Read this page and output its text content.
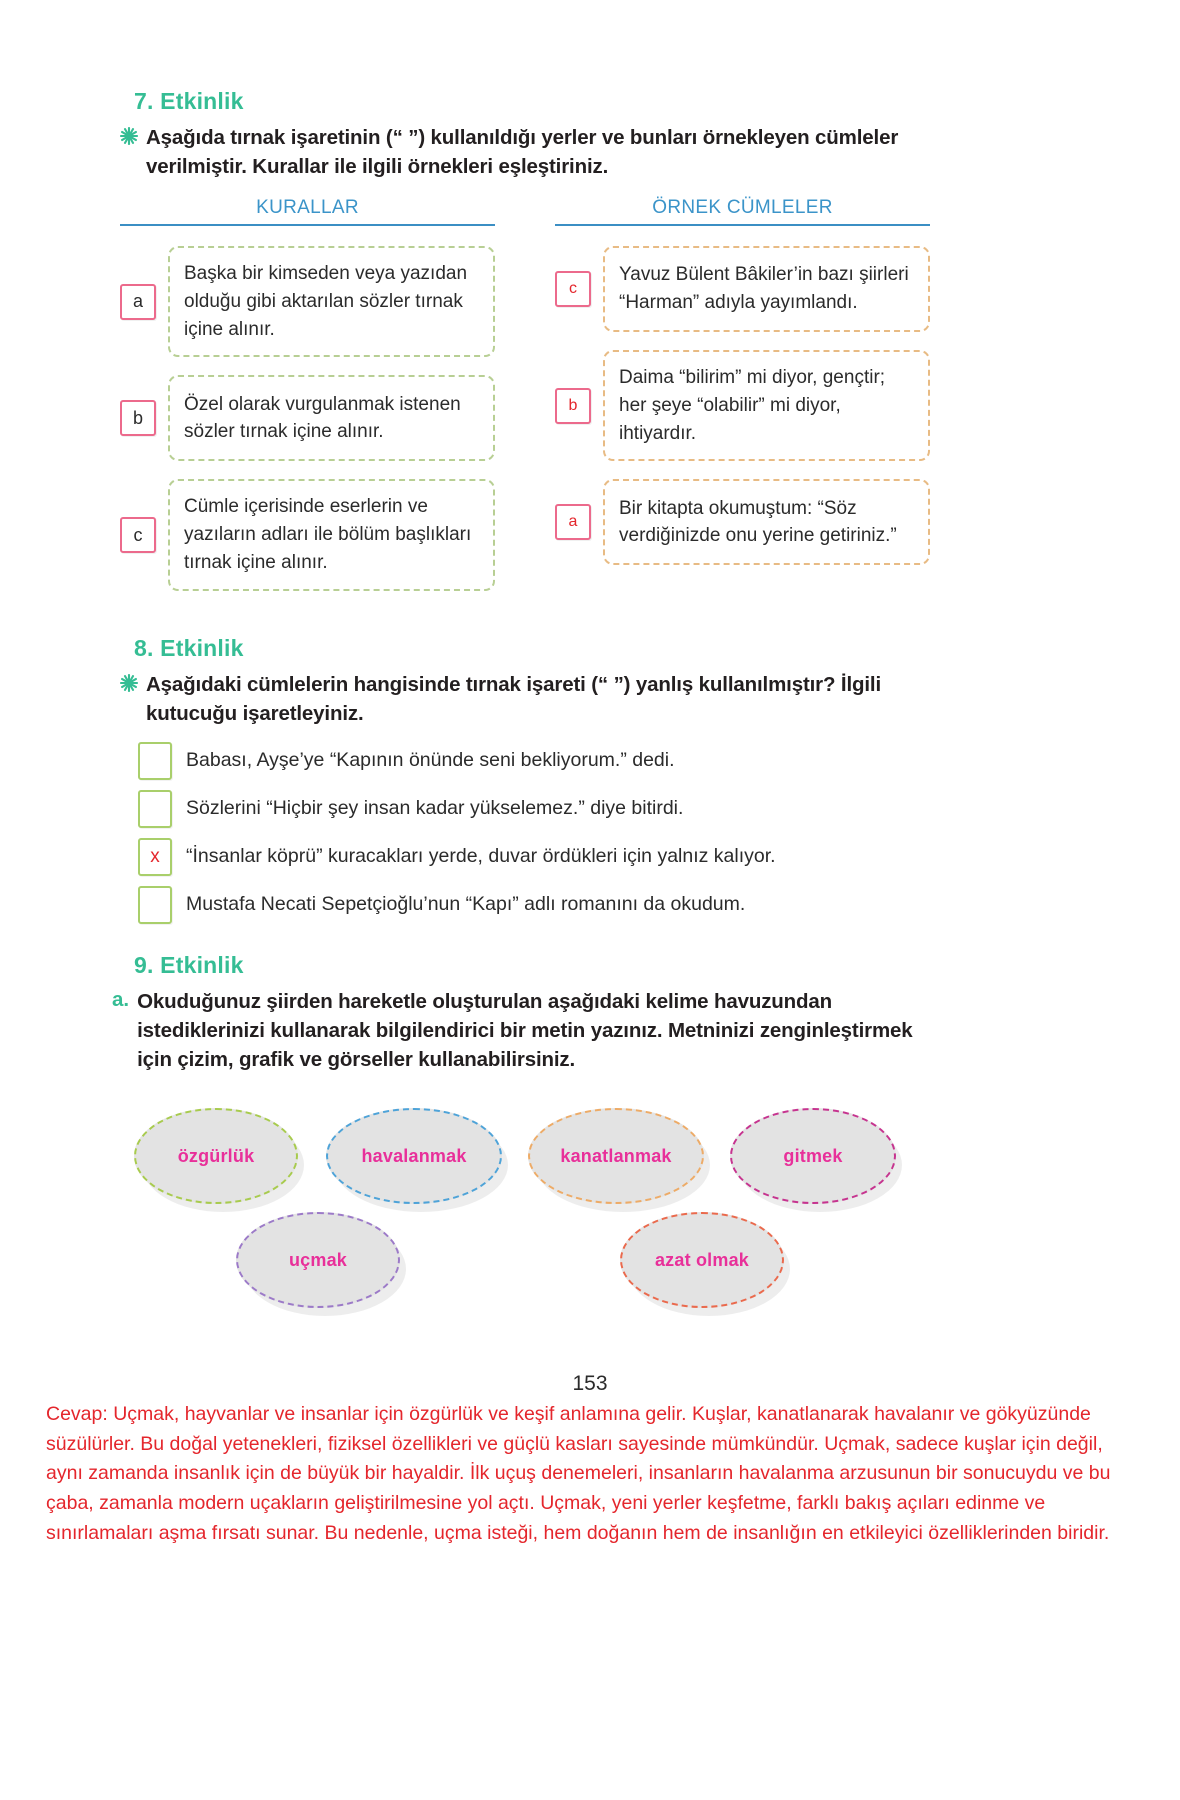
7. Etkinlik
Aşağıda tırnak işaretinin (“ ”) kullanıldığı yerler ve bunları örnekleyen cümleler verilmiştir. Kurallar ile ilgili örnekleri eşleştiriniz.
KURALLAR
a
Başka bir kimseden veya yazıdan olduğu gibi aktarılan sözler tırnak içine alınır.
b
Özel olarak vurgulanmak istenen sözler tırnak içine alınır.
c
Cümle içerisinde eserlerin ve yazıların adları ile bölüm başlıkları tırnak içine alınır.
ÖRNEK CÜMLELER
c
Yavuz Bülent Bâkiler’in bazı şiirleri “Harman” adıyla yayımlandı.
b
Daima “bilirim” mi diyor, gençtir; her şeye “olabilir” mi diyor, ihtiyardır.
a
Bir kitapta okumuştum: “Söz verdiğinizde onu yerine getiriniz.”
8. Etkinlik
Aşağıdaki cümlelerin hangisinde tırnak işareti (“ ”) yanlış kullanılmıştır? İlgili kutucuğu işaretleyiniz.
Babası, Ayşe’ye “Kapının önünde seni bekliyorum.” dedi.
Sözlerini “Hiçbir şey insan kadar yükselemez.” diye bitirdi.
x	“İnsanlar köprü” kuracakları yerde, duvar ördükleri için yalnız kalıyor.
Mustafa Necati Sepetçioğlu’nun “Kapı” adlı romanını da okudum.
9. Etkinlik
a. Okuduğunuz şiirden hareketle oluşturulan aşağıdaki kelime havuzundan istediklerinizi kullanarak bilgilendirici bir metin yazınız. Metninizi zenginleştirmek için çizim, grafik ve görseller kullanabilirsiniz.
özgürlük	havalanmak	kanatlanmak	gitmek
uçmak	azat olmak
153
Cevap: Uçmak, hayvanlar ve insanlar için özgürlük ve keşif anlamına gelir. Kuşlar, kanatlanarak havalanır ve gökyüzünde süzülürler. Bu doğal yetenekleri, fiziksel özellikleri ve güçlü kasları sayesinde mümkündür. Uçmak, sadece kuşlar için değil, aynı zamanda insanlık için de büyük bir hayaldir. İlk uçuş denemeleri, insanların havalanma arzusunun bir sonucuydu ve bu çaba, zamanla modern uçakların geliştirilmesine yol açtı. Uçmak, yeni yerler keşfetme, farklı bakış açıları edinme ve sınırlamaları aşma fırsatı sunar. Bu nedenle, uçma isteği, hem doğanın hem de insanlığın en etkileyici özelliklerinden biridir.
